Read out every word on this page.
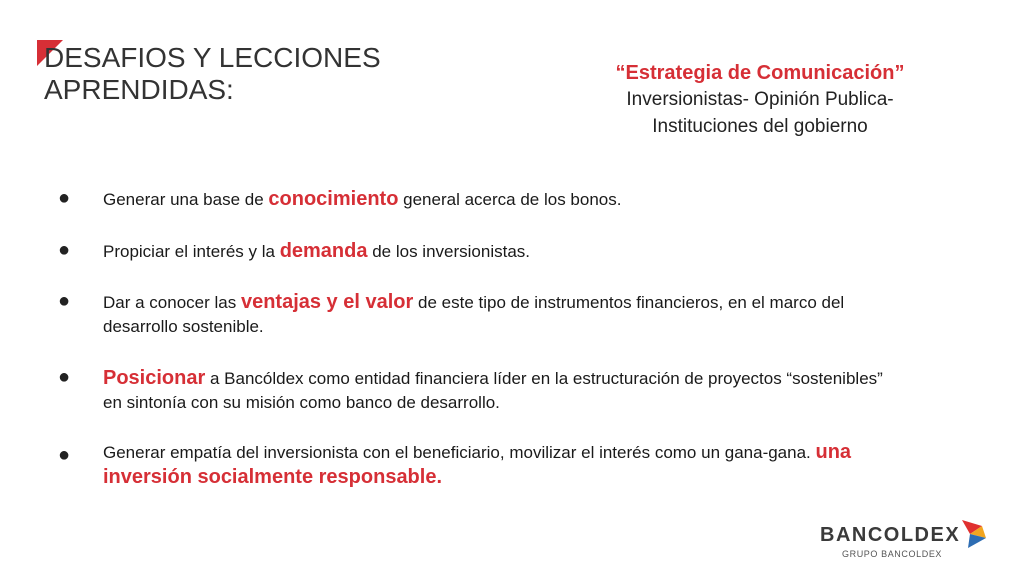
DESAFIOS Y LECCIONES
APRENDIDAS:
“Estrategia de Comunicación”
Inversionistas- Opinión Publica-
Instituciones del gobierno
● Generar una base de conocimiento general acerca de los bonos.
● Propiciar el interés y la demanda de los inversionistas.
● Dar a conocer las ventajas y el valor de este tipo de instrumentos financieros, en el marco del desarrollo sostenible.
● Posicionar a Bancóldex como entidad financiera líder en la estructuración de proyectos “sostenibles” en sintonía con su misión como banco de desarrollo.
● Generar empatía del inversionista con el beneficiario, movilizar el interés como un gana-gana. una inversión socialmente responsable.
BANCOLDEX
GRUPO BANCOLDEX
